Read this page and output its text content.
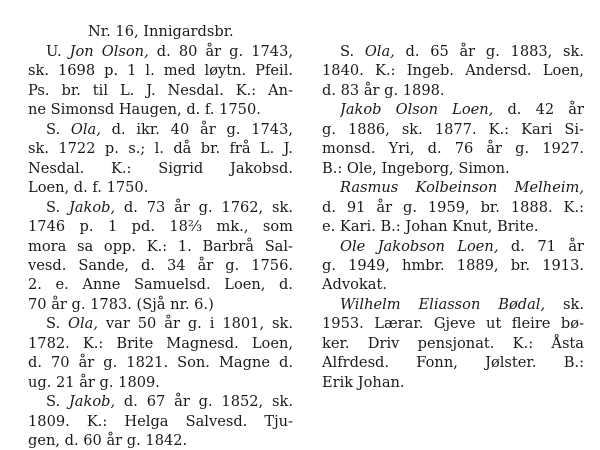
Nr. 16, Innigardsbr.
U. Jon Olson, d. 80 år g. 1743,
sk. 1698 p. 1 l. med løytn. Pfeil.
Ps. br. til L. J. Nesdal. K.: An-
ne Simonsd Haugen, d. f. 1750.
S. Ola, d. ikr. 40 år g. 1743,
sk. 1722 p. s.; l. då br. frå L. J.
Nesdal. K.: Sigrid Jakobsd.
Loen, d. f. 1750.
S. Jakob, d. 73 år g. 1762, sk.
1746 p. 1 pd. 18⅔ mk., som
mora sa opp. K.: 1. Barbrå Sal-
vesd. Sande, d. 34 år g. 1756.
2. e. Anne Samuelsd. Loen, d.
70 år g. 1783. (Sjå nr. 6.)
S. Ola, var 50 år g. i 1801, sk.
1782. K.: Brite Magnesd. Loen,
d. 70 år g. 1821. Son. Magne d.
ug. 21 år g. 1809.
S. Jakob, d. 67 år g. 1852, sk.
1809. K.: Helga Salvesd. Tju-
gen, d. 60 år g. 1842.
S. Ola, d. 65 år g. 1883, sk.
1840. K.: Ingeb. Andersd. Loen,
d. 83 år g. 1898.
Jakob Olson Loen, d. 42 år
g. 1886, sk. 1877. K.: Kari Si-
monsd. Yri, d. 76 år g. 1927.
B.: Ole, Ingeborg, Simon.
Rasmus Kolbeinson Melheim,
d. 91 år g. 1959, br. 1888. K.:
e. Kari. B.: Johan Knut, Brite.
Ole Jakobson Loen, d. 71 år
g. 1949, hmbr. 1889, br. 1913.
Advokat.
Wilhelm Eliasson Bødal, sk.
1953. Lærar. Gjeve ut fleire bø-
ker. Driv pensjonat. K.: Åsta
Alfrdesd. Fonn, Jølster. B.:
Erik Johan.
